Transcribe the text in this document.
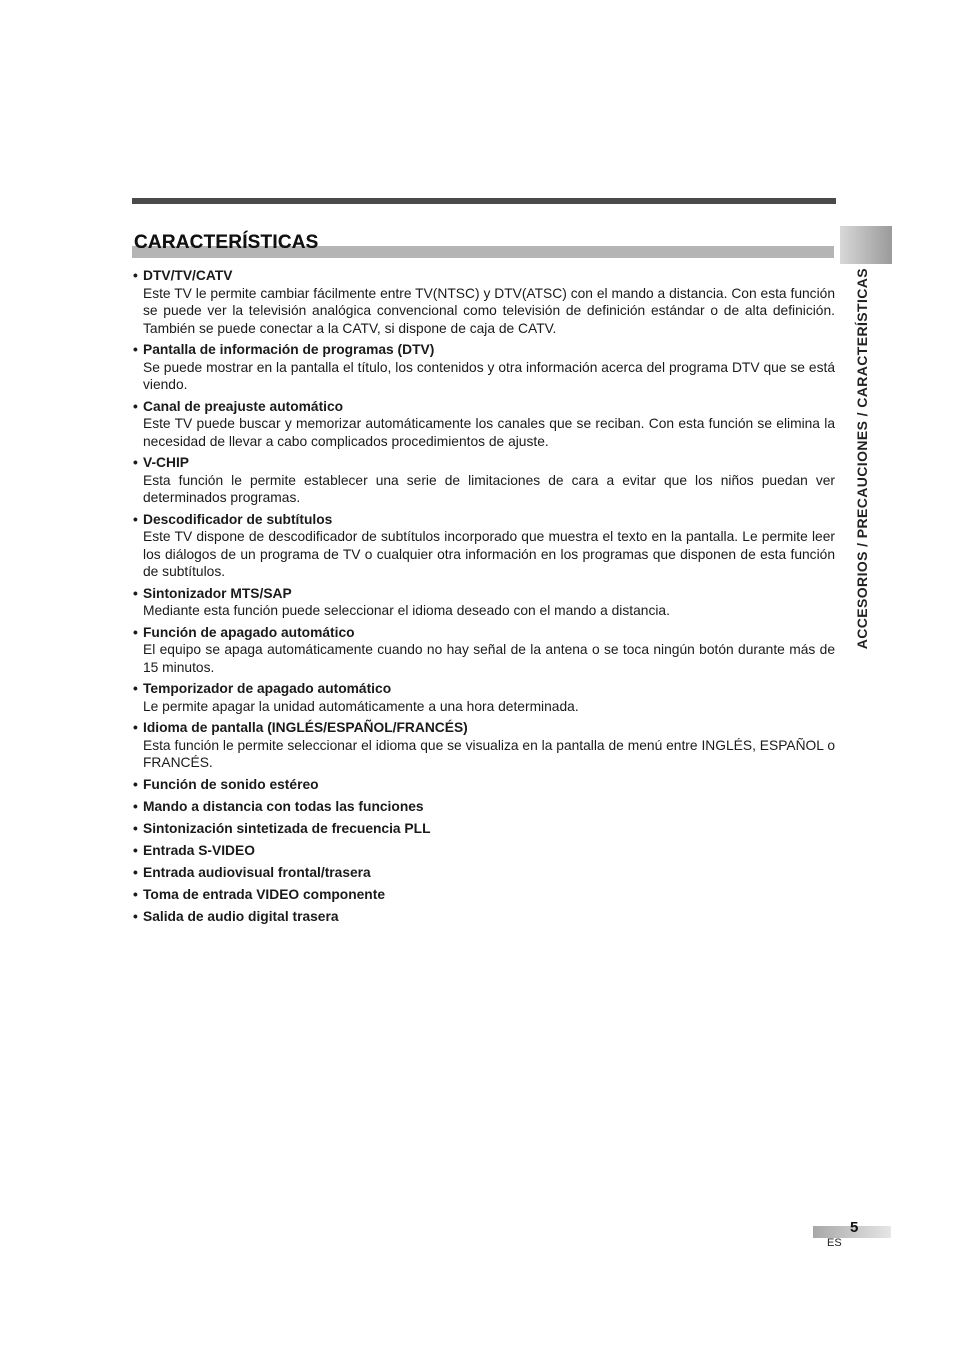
CARACTERÍSTICAS
ACCESORIOS / PRECAUCIONES / CARACTERÍSTICAS
• DTV/TV/CATV
Este TV le permite cambiar fácilmente entre TV(NTSC) y DTV(ATSC) con el mando a distancia. Con esta función se puede ver la televisión analógica convencional como televisión de definición estándar o de alta definición. También se puede conectar a la CATV, si dispone de caja de CATV.
• Pantalla de información de programas (DTV)
Se puede mostrar en la pantalla el título, los contenidos y otra información acerca del programa DTV que se está viendo.
• Canal de preajuste automático
Este TV puede buscar y memorizar automáticamente los canales que se reciban. Con esta función se elimina la necesidad de llevar a cabo complicados procedimientos de ajuste.
• V-CHIP
Esta función le permite establecer una serie de limitaciones de cara a evitar que los niños puedan ver determinados programas.
• Descodificador de subtítulos
Este TV dispone de descodificador de subtítulos incorporado que muestra el texto en la pantalla. Le permite leer los diálogos de un programa de TV o cualquier otra información en los programas que disponen de esta función de subtítulos.
• Sintonizador MTS/SAP
Mediante esta función puede seleccionar el idioma deseado con el mando a distancia.
• Función de apagado automático
El equipo se apaga automáticamente cuando no hay señal de la antena o se toca ningún botón durante más de 15 minutos.
• Temporizador de apagado automático
Le permite apagar la unidad automáticamente a una hora determinada.
• Idioma de pantalla (INGLÉS/ESPAÑOL/FRANCÉS)
Esta función le permite seleccionar el idioma que se visualiza en la pantalla de menú entre INGLÉS, ESPAÑOL o FRANCÉS.
• Función de sonido estéreo
• Mando a distancia con todas las funciones
• Sintonización sintetizada de frecuencia PLL
• Entrada S-VIDEO
• Entrada audiovisual frontal/trasera
• Toma de entrada VIDEO componente
• Salida de audio digital trasera
5
ES
